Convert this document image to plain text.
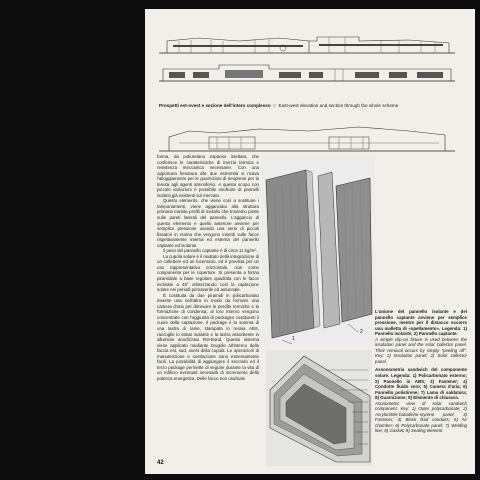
Prospetti est-ovest e sezione dell'intero complesso  □  East-west elevation and section through the whole scheme

forma, da poliuretano espanso iniettato, che conferisce le caratteristiche di inerzia termica e resistenza meccanica necessarie. Con una opportuna fresatura alle due estremità si ricava l'alloggiamento per le guarnizioni di neoprene per la tenuta agli agenti atmosferici. A questo scopo con piccole variazioni è possibile usufruire di pannelli isolanti già esistenti sul mercato.

Questo elemento, che viene così a sostituire i tamponamenti, viene agganciato alla struttura primaria tramite profili di metallo che troviamo poste sulle pareti laterali del pannello. L'aggancio di questo elemento e quello anteriore avviene per semplice pressione usando una serie di piccoli fissatori in resina che vengono inseriti sulle facce rispettivamente interna ed esterna del pannello captante ed isolante.

Il peso del pannello captante è di circa 11 kg/m².

La cupola solare è il risultato della integrazione di un collettore ed un lucernario, ed è prevista per un uso rappresentativo orizzontale, cioè come componente per le coperture. Si presenta a forma piramidale a base regolare quadrata con le facce inclinate a 45° ottimizzando così la captazione solare nei periodi primaverile ed autunnale.

È costituita da due piramidi in policarbonato inserite una nell'altra in modo da formare una camera d'aria per diminuire le perdite termiche e la formazione di condensa; al loro interno vengono concentrate con l'aggiunta di packages costituenti il cuore della captazione. Il package è la somma di una lastra di rame, stampata in resina ABS, raccoglie lo strato isolante e la lastra assorbente in alluminio anodizzato Rol-Bond. Questo sistema viene applicato mediante brugole all'interno della faccia est, sud, ovest della cupola. Le operazioni di manutenzione e sostituzione sono estremamente facili. La possibilità di aggiungere il secondo ed il terzo package permette di seguire durante la vita di un edificio eventuali necessità di incremento della potenza energetica. Delle facce non usufruite

1
2

L'unione del pannello isolante e del pannello captante avviene per semplice pressione, mentre per il distacco occorre una malletta di «spellamento». Legenda: 1) Pannello isolante; 2) Pannello captante.

A simple clip-on fixture is used between the insulation panel and the solar collector panel. Their removal occurs by simply "peeling off". Key: 1) Insulation panel; 2) Solar collector panel.

Assonometria sandwich del componente solare. Legenda: 1) Policarbonato esterno; 2) Pannello in ABS; 3) Fastener; 4) Condotte fluido vero; 5) Camera d'aria; 6) Pannello polistirene; 7) Lama di saldatura; 8) Guarnizione; 9) Elemento di chiusura.

Axonometric view of solar sandwich component. Key: 1) Outer polycarbonate; 2) Acrylonitrile-butadiene-styrene panel; 3) Fastener; 4) Black fluid conduits; 5) Air chamber; 6) Polycarbonate panel; 7) Welding line; 8) Gasket; 9) Sealing element

42
